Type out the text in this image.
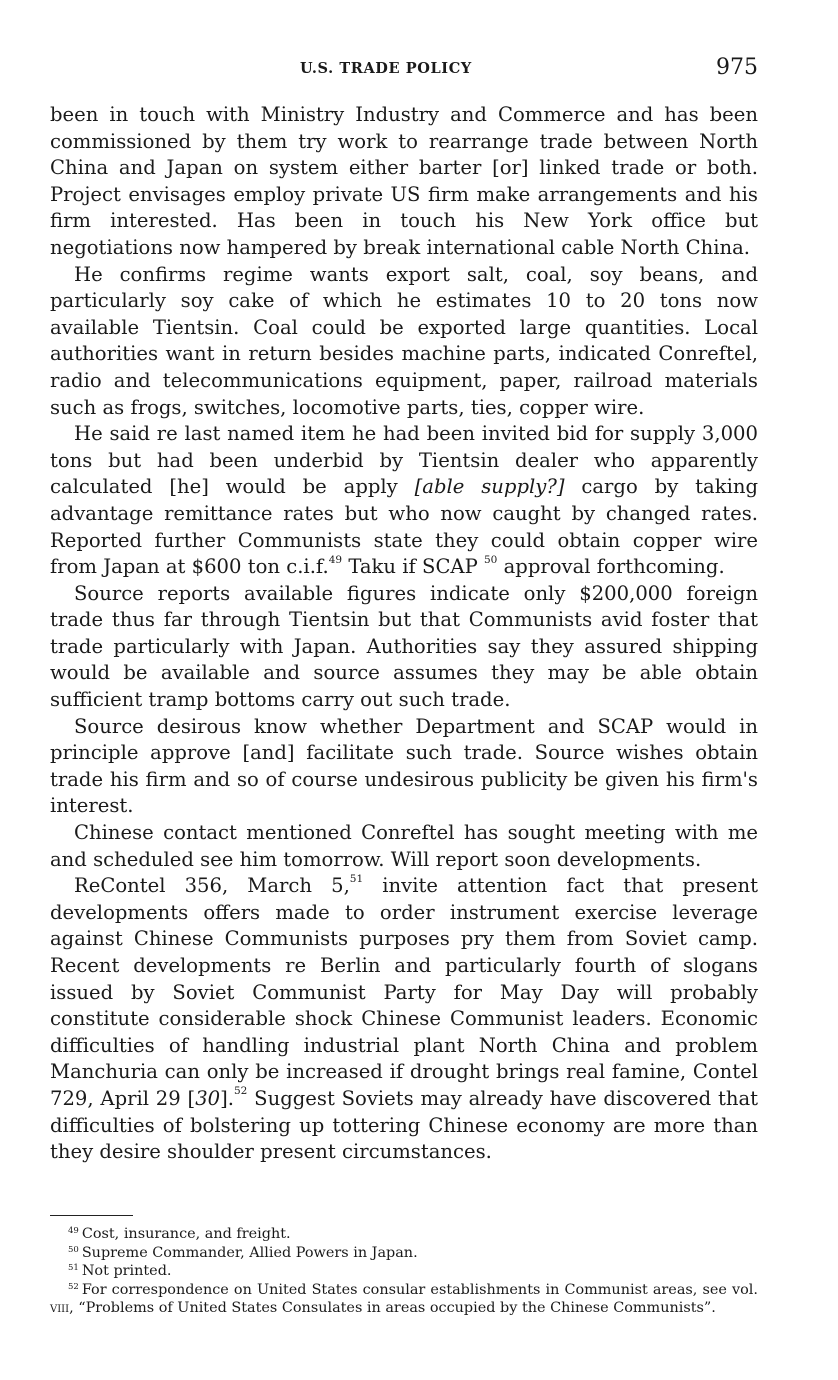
U.S. TRADE POLICY	975

been in touch with Ministry Industry and Commerce and has been commissioned by them try work to rearrange trade between North China and Japan on system either barter [or] linked trade or both. Project envisages employ private US firm make arrangements and his firm interested. Has been in touch his New York office but negotiations now hampered by break international cable North China.

He confirms regime wants export salt, coal, soy beans, and particularly soy cake of which he estimates 10 to 20 tons now available Tientsin. Coal could be exported large quantities. Local authorities want in return besides machine parts, indicated Conreftel, radio and telecommunications equipment, paper, railroad materials such as frogs, switches, locomotive parts, ties, copper wire.

He said re last named item he had been invited bid for supply 3,000 tons but had been underbid by Tientsin dealer who apparently calculated [he] would be apply [able supply?] cargo by taking advantage remittance rates but who now caught by changed rates. Reported further Communists state they could obtain copper wire from Japan at $600 ton c.i.f.$^{49}$ Taku if SCAP $^{50}$ approval forthcoming.

Source reports available figures indicate only $200,000 foreign trade thus far through Tientsin but that Communists avid foster that trade particularly with Japan. Authorities say they assured shipping would be available and source assumes they may be able obtain sufficient tramp bottoms carry out such trade.

Source desirous know whether Department and SCAP would in principle approve [and] facilitate such trade. Source wishes obtain trade his firm and so of course undesirous publicity be given his firm's interest.

Chinese contact mentioned Conreftel has sought meeting with me and scheduled see him tomorrow. Will report soon developments.

ReContel 356, March 5,51 invite attention fact that present developments offers made to order instrument exercise leverage against Chinese Communists purposes pry them from Soviet camp. Recent developments re Berlin and particularly fourth of slogans issued by Soviet Communist Party for May Day will probably constitute considerable shock Chinese Communist leaders. Economic difficulties of handling industrial plant North China and problem Manchuria can only be increased if drought brings real famine, Contel 729, April 29 [30].$^{52}$ Suggest Soviets may already have discovered that difficulties of bolstering up tottering Chinese economy are more than they desire shoulder present circumstances.

$^{49}$ Cost, insurance, and freight.

$^{50}$ Supreme Commander, Allied Powers in Japan.

$^{51}$ Not printed.

$^{52}$ For correspondence on United States consular establishments in Communist areas, see vol. viii, “Problems of United States Consulates in areas occupied by the Chinese Communists”.
